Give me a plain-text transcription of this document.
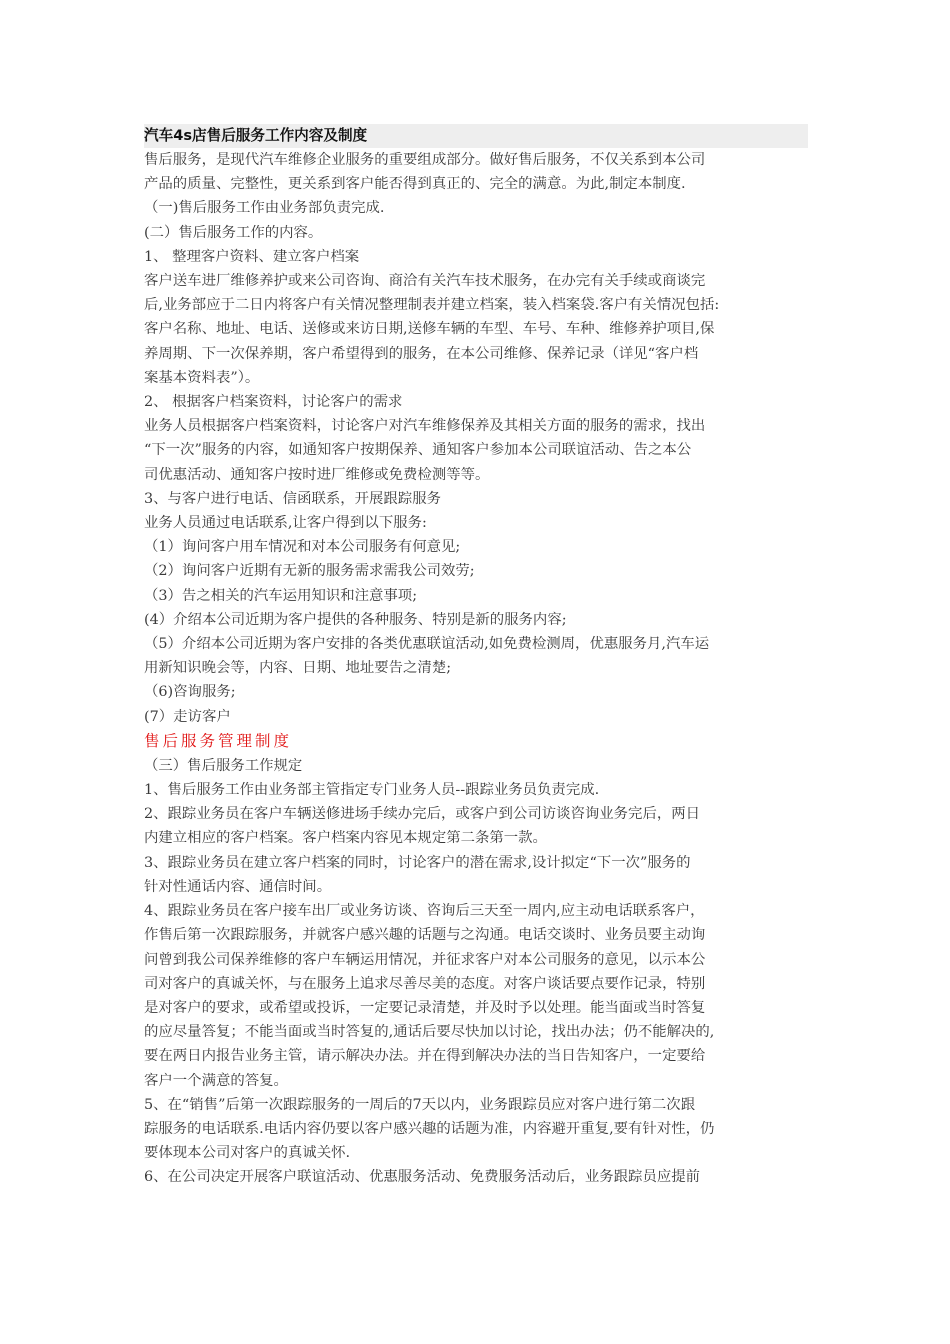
汽车4s店售后服务工作内容及制度
售后服务，是现代汽车维修企业服务的重要组成部分。做好售后服务，不仅关系到本公司
产品的质量、完整性，更关系到客户能否得到真正的、完全的满意。为此,制定本制度.
（一)售后服务工作由业务部负责完成.
(二）售后服务工作的内容。
1、 整理客户资料、建立客户档案
客户送车进厂维修养护或来公司咨询、商洽有关汽车技术服务，在办完有关手续或商谈完
后,业务部应于二日内将客户有关情况整理制表并建立档案，装入档案袋.客户有关情况包括:
客户名称、地址、电话、送修或来访日期,送修车辆的车型、车号、车种、维修养护项目,保
养周期、下一次保养期，客户希望得到的服务，在本公司维修、保养记录（详见“客户档
案基本资料表”）。
2、 根据客户档案资料，讨论客户的需求
业务人员根据客户档案资料，讨论客户对汽车维修保养及其相关方面的服务的需求，找出
“下一次”服务的内容，如通知客户按期保养、通知客户参加本公司联谊活动、告之本公
司优惠活动、通知客户按时进厂维修或免费检测等等。
3、与客户进行电话、信函联系，开展跟踪服务
业务人员通过电话联系,让客户得到以下服务:
（1）询问客户用车情况和对本公司服务有何意见;
（2）询问客户近期有无新的服务需求需我公司效劳;
（3）告之相关的汽车运用知识和注意事项;
(4）介绍本公司近期为客户提供的各种服务、特别是新的服务内容;
（5）介绍本公司近期为客户安排的各类优惠联谊活动,如免费检测周，优惠服务月,汽车运
用新知识晚会等，内容、日期、地址要告之清楚;
（6)咨询服务;
(7）走访客户
售后服务管理制度
（三）售后服务工作规定
1、售后服务工作由业务部主管指定专门业务人员--跟踪业务员负责完成.
2、跟踪业务员在客户车辆送修进场手续办完后，或客户到公司访谈咨询业务完后，两日
内建立相应的客户档案。客户档案内容见本规定第二条第一款。
3、跟踪业务员在建立客户档案的同时，讨论客户的潜在需求,设计拟定“下一次”服务的
针对性通话内容、通信时间。
4、跟踪业务员在客户接车出厂或业务访谈、咨询后三天至一周内,应主动电话联系客户，
作售后第一次跟踪服务，并就客户感兴趣的话题与之沟通。电话交谈时、业务员要主动询
问曾到我公司保养维修的客户车辆运用情况，并征求客户对本公司服务的意见，以示本公
司对客户的真诚关怀，与在服务上追求尽善尽美的态度。对客户谈话要点要作记录，特别
是对客户的要求，或希望或投诉，一定要记录清楚，并及时予以处理。能当面或当时答复
的应尽量答复；不能当面或当时答复的,通话后要尽快加以讨论，找出办法；仍不能解决的,
要在两日内报告业务主管，请示解决办法。并在得到解决办法的当日告知客户，一定要给
客户一个满意的答复。
5、在“销售”后第一次跟踪服务的一周后的7天以内，业务跟踪员应对客户进行第二次跟
踪服务的电话联系.电话内容仍要以客户感兴趣的话题为准，内容避开重复,要有针对性，仍
要体现本公司对客户的真诚关怀.
6、在公司决定开展客户联谊活动、优惠服务活动、免费服务活动后，业务跟踪员应提前
